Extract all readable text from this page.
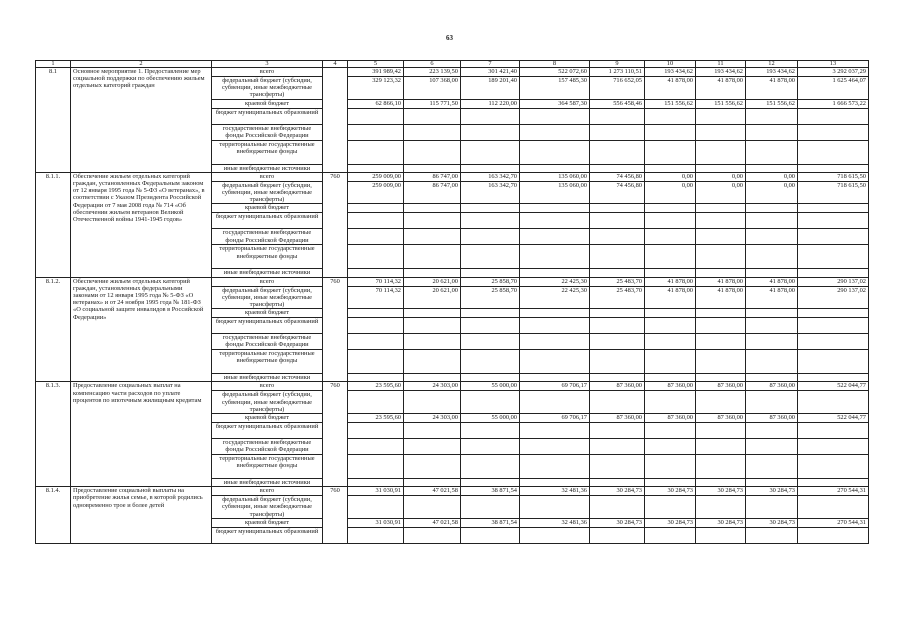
63
1	2	3	4	5	6	7	8	9	10	11	12	13
8.1	Основное мероприятие 1. Предоставление мер социальной поддержки по обеспечению жильем отдельных категорий граждан	всего		391 989,42	223 139,50	301 421,40	522 072,60	1 273 110,51	193 434,62	193 434,62	193 434,62	3 292 037,29
		федеральный бюджет (субсидии, субвенции, иные межбюджетные трансферты)		329 123,32	107 368,00	189 201,40	157 485,30	716 652,05	41 878,00	41 878,00	41 878,00	1 625 464,07
		краевой бюджет		62 866,10	115 771,50	112 220,00	364 587,30	556 458,46	151 556,62	151 556,62	151 556,62	1 666 573,22
		бюджет муниципальных образований										
		государственные внебюджетные фонды Российской Федерации										
		территориальные государственные внебюджетные фонды										
		иные внебюджетные источники										
8.1.1.	Обеспечение жильем отдельных категорий граждан, установленных Федеральным законом от 12 января 1995 года № 5-ФЗ «О ветеранах», в соответствии с Указом Президента Российской Федерации от 7 мая 2008 года № 714 «Об обеспечении жильем ветеранов Великой Отечественной войны 1941-1945 годов»	всего	760	259 009,00	86 747,00	163 342,70	135 060,00	74 456,80	0,00	0,00	0,00	718 615,50
		федеральный бюджет (субсидии, субвенции, иные межбюджетные трансферты)		259 009,00	86 747,00	163 342,70	135 060,00	74 456,80	0,00	0,00	0,00	718 615,50
		краевой бюджет										
		бюджет муниципальных образований										
		государственные внебюджетные фонды Российской Федерации										
		территориальные государственные внебюджетные фонды										
		иные внебюджетные источники										
8.1.2.	Обеспечение жильем отдельных категорий граждан, установленных федеральными законами от 12 января 1995 года № 5-ФЗ «О ветеранах» и от 24 ноября 1995 года № 181-ФЗ «О социальной защите инвалидов в Российской Федерации»	всего	760	70 114,32	20 621,00	25 858,70	22 425,30	25 483,70	41 878,00	41 878,00	41 878,00	290 137,02
		федеральный бюджет (субсидии, субвенции, иные межбюджетные трансферты)		70 114,32	20 621,00	25 858,70	22 425,30	25 483,70	41 878,00	41 878,00	41 878,00	290 137,02
		краевой бюджет										
		бюджет муниципальных образований										
		государственные внебюджетные фонды Российской Федерации										
		территориальные государственные внебюджетные фонды										
		иные внебюджетные источники										
8.1.3.	Предоставление социальных выплат на компенсацию части расходов по уплате процентов по ипотечным жилищным кредитам	всего	760	23 595,60	24 303,00	55 000,00	69 706,17	87 360,00	87 360,00	87 360,00	87 360,00	522 044,77
		федеральный бюджет (субсидии, субвенции, иные межбюджетные трансферты)										
		краевой бюджет		23 595,60	24 303,00	55 000,00	69 706,17	87 360,00	87 360,00	87 360,00	87 360,00	522 044,77
		бюджет муниципальных образований										
		государственные внебюджетные фонды Российской Федерации										
		территориальные государственные внебюджетные фонды										
		иные внебюджетные источники										
8.1.4.	Предоставление социальной выплаты на приобретение жилья семье, в которой родились одновременно трое и более детей	всего	760	31 030,91	47 021,58	38 871,54	32 481,36	30 284,73	30 284,73	30 284,73	30 284,73	270 544,31
		федеральный бюджет (субсидии, субвенции, иные межбюджетные трансферты)										
		краевой бюджет		31 030,91	47 021,58	38 871,54	32 481,36	30 284,73	30 284,73	30 284,73	30 284,73	270 544,31
		бюджет муниципальных образований										
